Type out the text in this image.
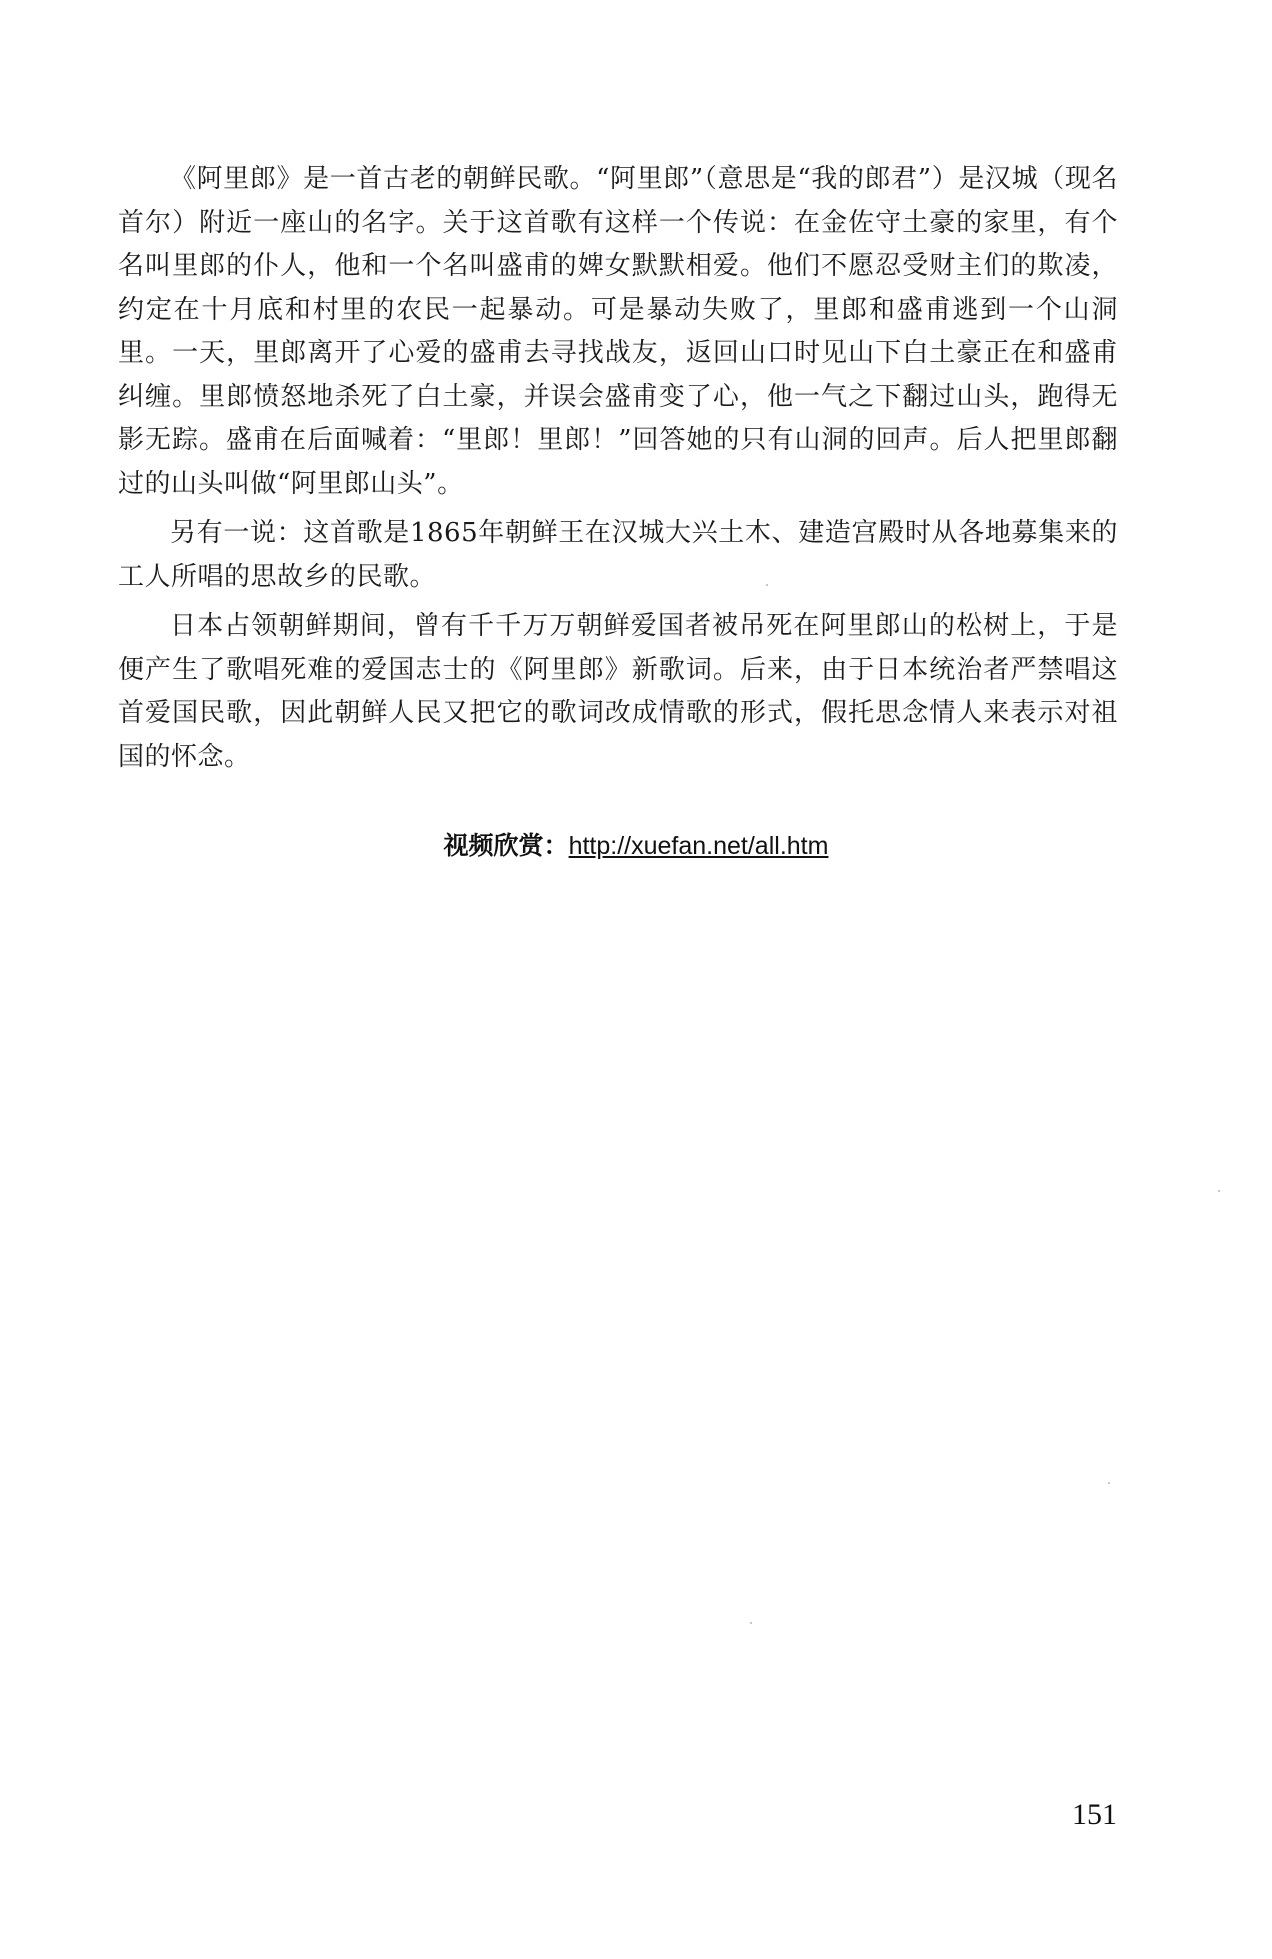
《阿里郎》是一首古老的朝鲜民歌。“阿里郎”（意思是“我的郎君”）是汉城（现名首尔）附近一座山的名字。关于这首歌有这样一个传说：在金佐守土豪的家里，有个名叫里郎的仆人，他和一个名叫盛甫的婢女默默相爱。他们不愿忍受财主们的欺凌，约定在十月底和村里的农民一起暴动。可是暴动失败了，里郎和盛甫逃到一个山洞里。一天，里郎离开了心爱的盛甫去寻找战友，返回山口时见山下白土豪正在和盛甫纠缠。里郎愤怒地杀死了白土豪，并误会盛甫变了心，他一气之下翻过山头，跑得无影无踪。盛甫在后面喊着：“里郎！里郎！”回答她的只有山洞的回声。后人把里郎翻过的山头叫做“阿里郎山头”。

另有一说：这首歌是1865年朝鲜王在汉城大兴土木、建造宫殿时从各地募集来的工人所唱的思故乡的民歌。

日本占领朝鲜期间，曾有千千万万朝鲜爱国者被吊死在阿里郎山的松树上，于是便产生了歌唱死难的爱国志士的《阿里郎》新歌词。后来，由于日本统治者严禁唱这首爱国民歌，因此朝鲜人民又把它的歌词改成情歌的形式，假托思念情人来表示对祖国的怀念。

视频欣赏：http://xuefan.net/all.htm
151
